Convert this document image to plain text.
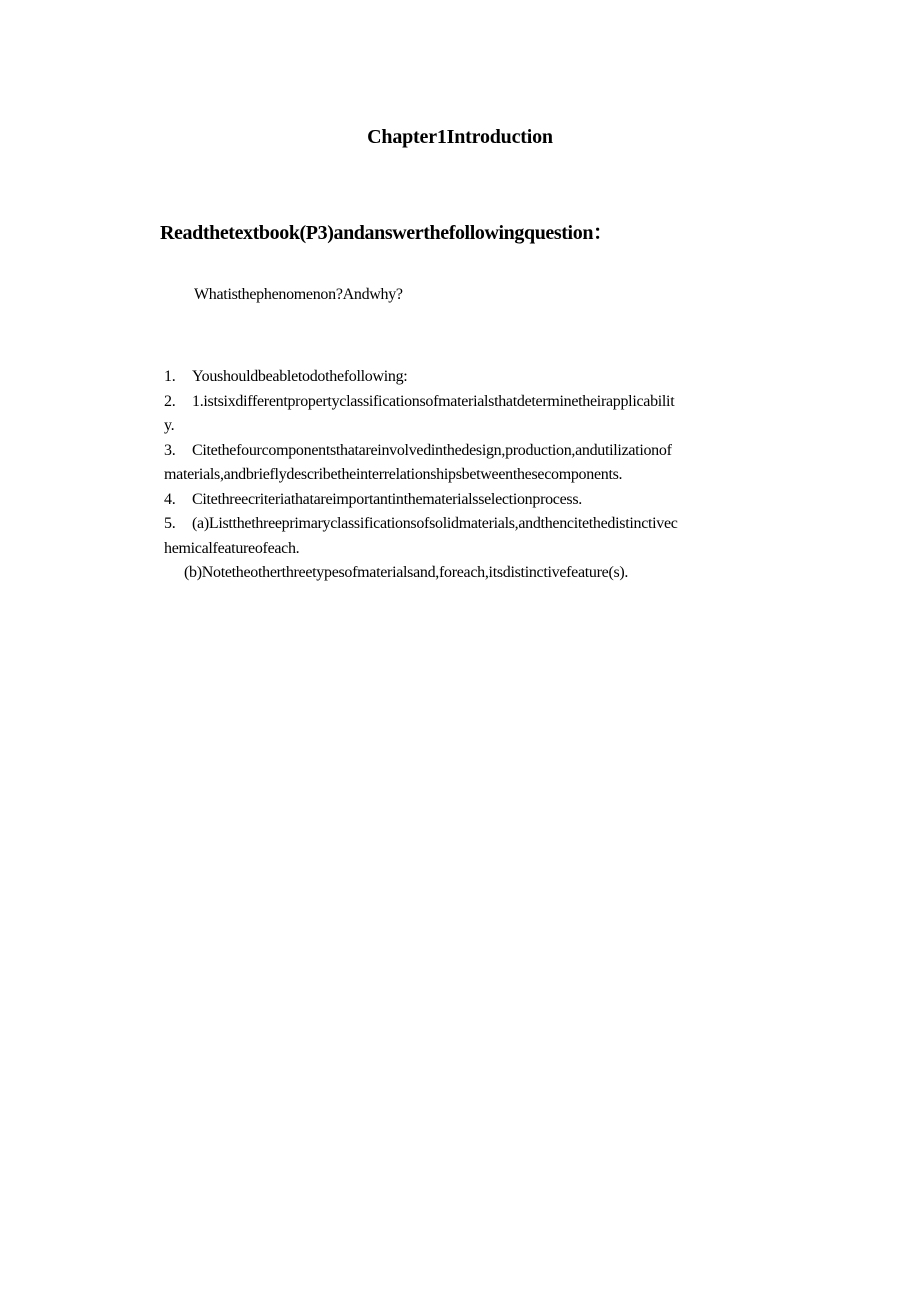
Chapter1Introduction
Readthetextbook(P3)andanswerthefollowingquestion：
Whatisthephenomenon?Andwhy?
1. Youshouldbeabletodothefollowing:
2. 1.istsixdifferentpropertyclassificationsofmaterialsthatdeterminetheirapplicabilit
y.
3. Citethefourcomponentsthatareinvolvedinthedesign,production,andutilizationof
materials,andbrieflydescribetheinterrelationshipsbetweenthesecomponents.
4. Citethreecriteriathatareimportantinthematerialsselectionprocess.
5. (a)Listthethreeprimaryclassificationsofsolidmaterials,andthencitethedistinctivec
hemicalfeatureofeach.
(b)Notetheotherthreetypesofmaterialsand,foreach,itsdistinctivefeature(s).
